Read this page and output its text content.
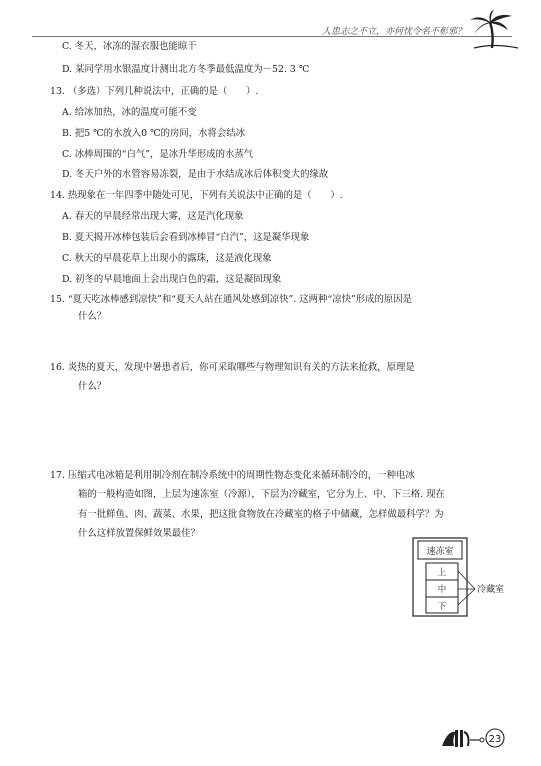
人患志之不立，亦何忧令名不彰邪？
C. 冬天，冰冻的湿衣服也能晾干
D. 某同学用水银温度计测出北方冬季最低温度为－52. 3 ℃
13. （多选）下列几种说法中，正确的是（　　）.
A. 给冰加热，冰的温度可能不变
B. 把5 ℃的水放入0 ℃的房间，水将会结冰
C. 冰棒周围的“白气”，是冰升华形成的水蒸气
D. 冬天户外的水管容易冻裂，是由于水结成冰后体积变大的缘故
14. 热现象在一年四季中随处可见，下列有关说法中正确的是（　　）.
A. 春天的早晨经常出现大雾，这是汽化现象
B. 夏天揭开冰棒包装后会看到冰棒冒“白汽”，这是凝华现象
C. 秋天的早晨花草上出现小的露珠，这是液化现象
D. 初冬的早晨地面上会出现白色的霜，这是凝固现象
15. “夏天吃冰棒感到凉快”和“夏天人站在通风处感到凉快”. 这两种“凉快”形成的原因是
什么？
16. 炎热的夏天，发现中暑患者后，你可采取哪些与物理知识有关的方法来抢救，原理是
什么？
17. 压缩式电冰箱是利用制冷剂在制冷系统中的周期性物态变化来循环制冷的，一种电冰
箱的一般构造如图，上层为速冻室（冷源），下层为冷藏室，它分为上、中、下三格. 现在
有一批鲜鱼、肉、蔬菜、水果，把这批食物放在冷藏室的格子中储藏，怎样做最科学？为
什么这样放置保鲜效果最佳？
速冻室
上
中
下
冷藏室
23
